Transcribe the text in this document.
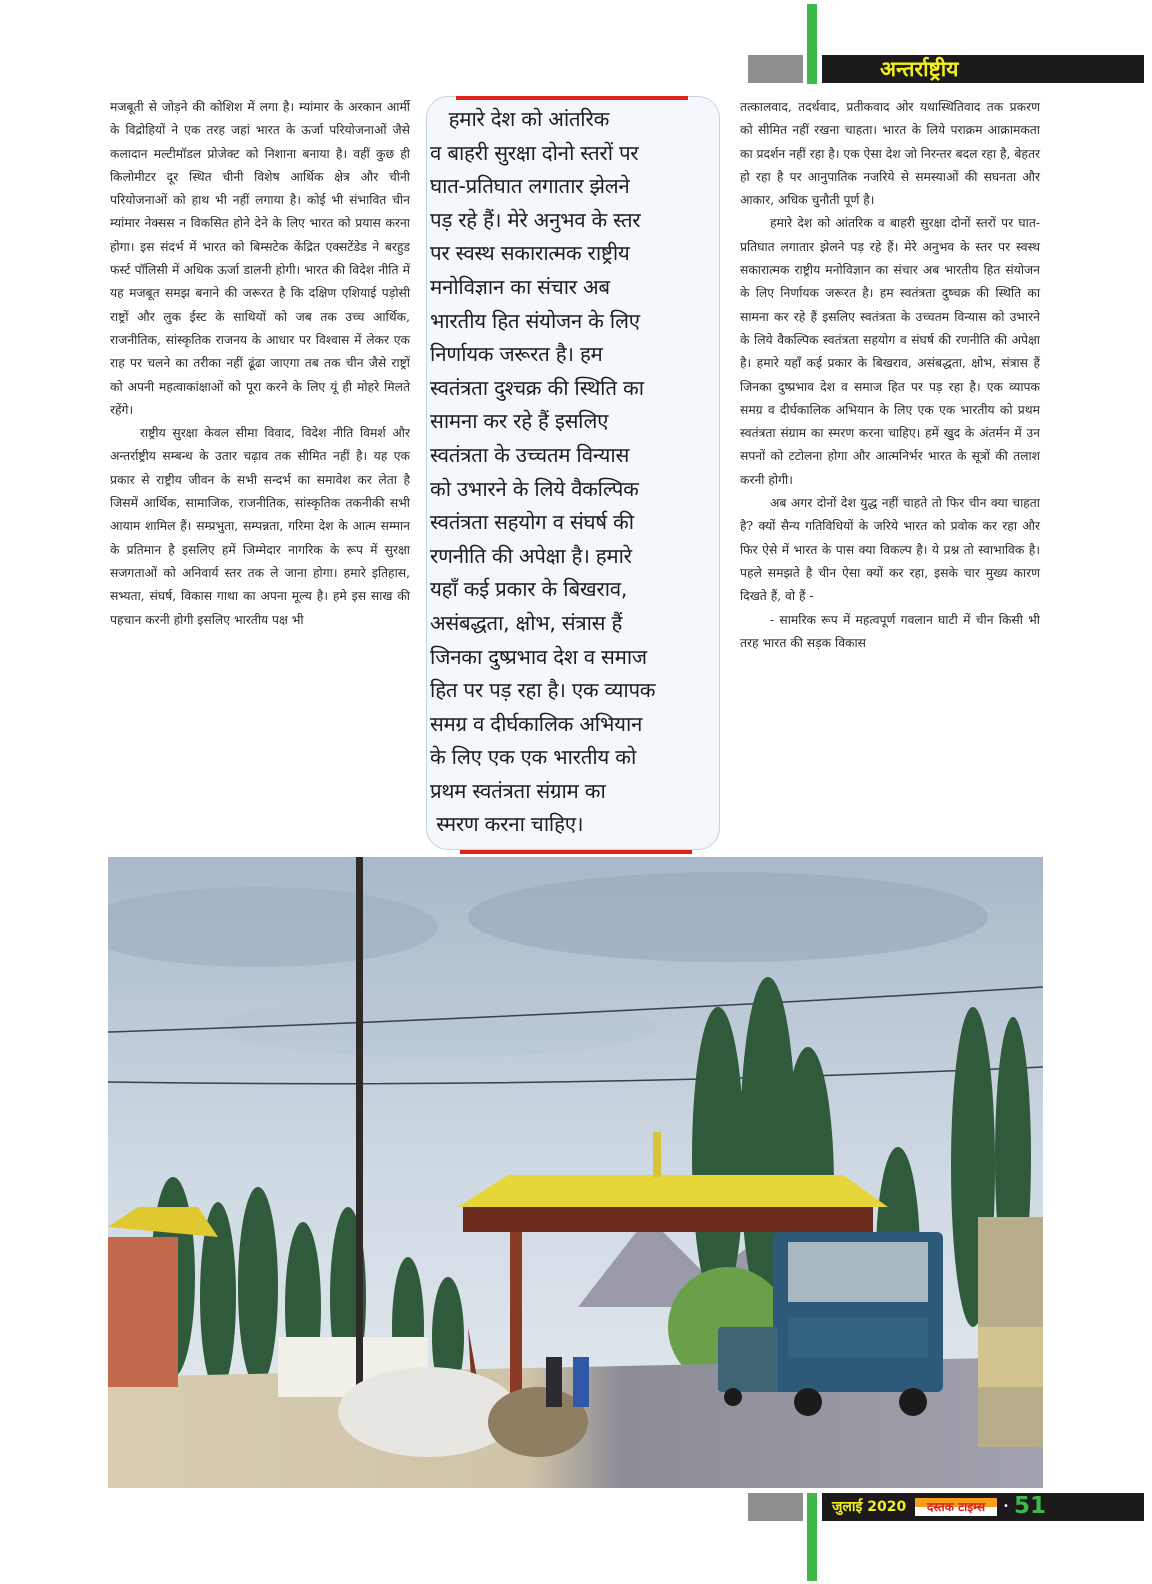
अन्तर्राष्ट्रीय

मजबूती से जोड़ने की कोशिश में लगा है। म्यांमार के अरकान आर्मी के विद्रोहियों ने एक तरह जहां भारत के ऊर्जा परियोजनाओं जैसे कलादान मल्टीमॉडल प्रोजेक्ट को निशाना बनाया है। वहीं कुछ ही किलोमीटर दूर स्थित चीनी विशेष आर्थिक क्षेत्र और चीनी परियोजनाओं को हाथ भी नहीं लगाया है। कोई भी संभावित चीन म्यांमार नेक्सस न विकसित होने देने के लिए भारत को प्रयास करना होगा। इस संदर्भ में भारत को बिम्सटेक केंद्रित एक्सटेंडेड ने बरहुड फर्स्ट पॉलिसी में अधिक ऊर्जा डालनी होगी। भारत की विदेश नीति में यह मजबूत समझ बनाने की जरूरत है कि दक्षिण एशियाई पड़ोसी राष्ट्रों और लुक ईस्ट के साथियों को जब तक उच्च आर्थिक, राजनीतिक, सांस्कृतिक राजनय के आधार पर विश्वास में लेकर एक राह पर चलने का तरीका नहीं ढूंढा जाएगा तब तक चीन जैसे राष्ट्रों को अपनी महत्वाकांक्षाओं को पूरा करने के लिए यूं ही मोहरे मिलते रहेंगे।

राष्ट्रीय सुरक्षा केवल सीमा विवाद, विदेश नीति विमर्श और अन्तर्राष्ट्रीय सम्बन्ध के उतार चढ़ाव तक सीमित नहीं है। यह एक प्रकार से राष्ट्रीय जीवन के सभी सन्दर्भ का समावेश कर लेता है जिसमें आर्थिक, सामाजिक, राजनीतिक, सांस्कृतिक तकनीकी सभी आयाम शामिल हैं। सम्प्रभुता, सम्पन्नता, गरिमा देश के आत्म सम्मान के प्रतिमान है इसलिए हमें जिम्मेदार नागरिक के रूप में सुरक्षा सजगताओं को अनिवार्य स्तर तक ले जाना होगा। हमारे इतिहास, सभ्यता, संघर्ष, विकास गाथा का अपना मूल्य है। हमे इस साख की पहचान करनी होगी इसलिए भारतीय पक्ष भी

हमारे देश को आंतरिक
व बाहरी सुरक्षा दोनो स्तरों पर
घात-प्रतिघात लगातार झेलने
पड़ रहे हैं। मेरे अनुभव के स्तर
पर स्वस्थ सकारात्मक राष्ट्रीय
मनोविज्ञान का संचार अब
भारतीय हित संयोजन के लिए
निर्णायक जरूरत है। हम
स्वतंत्रता दुश्चक्र की स्थिति का
सामना कर रहे हैं इसलिए
स्वतंत्रता के उच्चतम विन्यास
को उभारने के लिये वैकल्पिक
स्वतंत्रता सहयोग व संघर्ष की
रणनीति की अपेक्षा है। हमारे
यहाँ कई प्रकार के बिखराव,
असंबद्धता, क्षोभ, संत्रास हैं
जिनका दुष्प्रभाव देश व समाज
हित पर पड़ रहा है। एक व्यापक
समग्र व दीर्घकालिक अभियान
के लिए एक एक भारतीय को
प्रथम स्वतंत्रता संग्राम का
स्मरण करना चाहिए।

तत्कालवाद, तदर्थवाद, प्रतीकवाद ओर यथास्थितिवाद तक प्रकरण को सीमित नहीं रखना चाहता। भारत के लिये पराक्रम आक्रामकता का प्रदर्शन नहीं रहा है। एक ऐसा देश जो निरन्तर बदल रहा है, बेहतर हो रहा है पर आनुपातिक नजरिये से समस्याओं की सघनता और आकार, अधिक चुनौती पूर्ण है।

हमारे देश को आंतरिक व बाहरी सुरक्षा दोनों स्तरों पर घात-प्रतिघात लगातार झेलने पड़ रहे हैं। मेरे अनुभव के स्तर पर स्वस्थ सकारात्मक राष्ट्रीय मनोविज्ञान का संचार अब भारतीय हित संयोजन के लिए निर्णायक जरूरत है। हम स्वतंत्रता दुष्चक्र की स्थिति का सामना कर रहे हैं इसलिए स्वतंत्रता के उच्चतम विन्यास को उभारने के लिये वैकल्पिक स्वतंत्रता सहयोग व संघर्ष की रणनीति की अपेक्षा है। हमारे यहाँ कई प्रकार के बिखराव, असंबद्धता, क्षोभ, संत्रास हैं जिनका दुष्प्रभाव देश व समाज हित पर पड़ रहा है। एक व्यापक समग्र व दीर्घकालिक अभियान के लिए एक एक भारतीय को प्रथम स्वतंत्रता संग्राम का स्मरण करना चाहिए। हमें खुद के अंतर्मन में उन सपनों को टटोलना होगा और आत्मनिर्भर भारत के सूत्रों की तलाश करनी होगी।

अब अगर दोनों देश युद्ध नहीं चाहते तो फिर चीन क्या चाहता है? क्यों सैन्य गतिविधियों के जरिये भारत को प्रवोक कर रहा और फिर ऐसे में भारत के पास क्या विकल्प है। ये प्रश्न तो स्वाभाविक है। पहले समझते है चीन ऐसा क्यों कर रहा, इसके चार मुख्य कारण दिखते हैं, वो हैं -

- सामरिक रूप में महत्वपूर्ण गवलान घाटी में चीन किसी भी तरह भारत की सड़क विकास

जुलाई 2020	दस्तक टाइम्स	• 51
